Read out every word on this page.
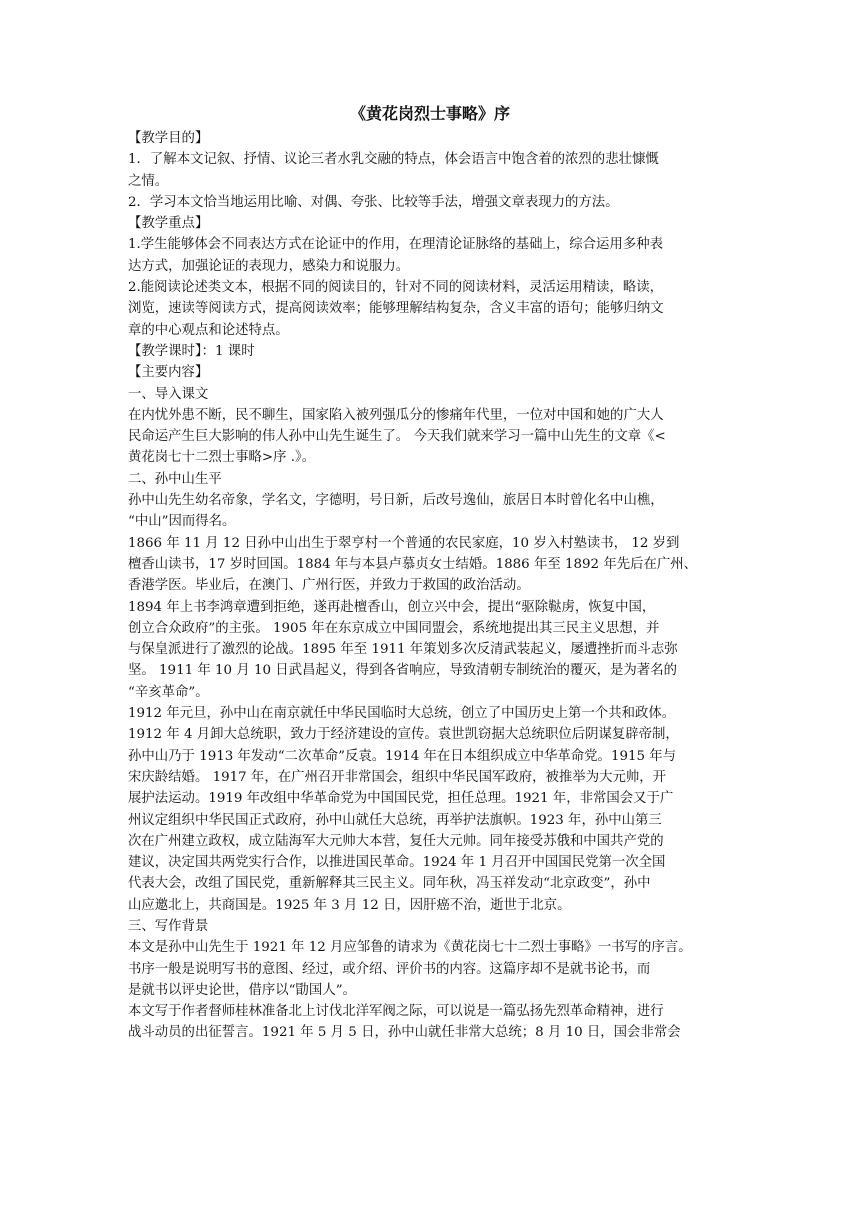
《黄花岗烈士事略》序

【教学目的】

1．了解本文记叙、抒情、议论三者水乳交融的特点，体会语言中饱含着的浓烈的悲壮慷慨

之情。

2．学习本文恰当地运用比喻、对偶、夸张、比较等手法，增强文章表现力的方法。

【教学重点】

1.学生能够体会不同表达方式在论证中的作用，在理清论证脉络的基础上，综合运用多种表

达方式，加强论证的表现力，感染力和说服力。

2.能阅读论述类文本，根据不同的阅读目的，针对不同的阅读材料，灵活运用精读，略读，

浏览，速读等阅读方式，提高阅读效率；能够理解结构复杂，含义丰富的语句；能够归纳文

章的中心观点和论述特点。

【教学课时】：1 课时

【主要内容】

一、导入课文

在内忧外患不断，民不聊生，国家陷入被列强瓜分的惨痛年代里，一位对中国和她的广大人

民命运产生巨大影响的伟人孙中山先生诞生了。 今天我们就来学习一篇中山先生的文章《<

黄花岗七十二烈士事略>序 .》。

二、孙中山生平

孙中山先生幼名帝象，学名文，字德明，号日新，后改号逸仙，旅居日本时曾化名中山樵，

“中山”因而得名。

1866 年 11 月 12 日孙中山出生于翠亨村一个普通的农民家庭，10 岁入村塾读书， 12 岁到

檀香山读书，17 岁时回国。1884 年与本县卢慕贞女士结婚。1886 年至 1892 年先后在广州、

香港学医。毕业后，在澳门、广州行医，并致力于救国的政治活动。

1894 年上书李鸿章遭到拒绝，遂再赴檀香山，创立兴中会，提出“驱除鞑虏，恢复中国，

创立合众政府”的主张。 1905 年在东京成立中国同盟会，系统地提出其三民主义思想，并

与保皇派进行了激烈的论战。1895 年至 1911 年策划多次反清武装起义，屡遭挫折而斗志弥

坚。 1911 年 10 月 10 日武昌起义，得到各省响应，导致清朝专制统治的覆灭，是为著名的

“辛亥革命”。

1912 年元旦，孙中山在南京就任中华民国临时大总统，创立了中国历史上第一个共和政体。

1912 年 4 月卸大总统职，致力于经济建设的宣传。袁世凯窃据大总统职位后阴谋复辟帝制，

孙中山乃于 1913 年发动“二次革命”反袁。1914 年在日本组织成立中华革命党。1915 年与

宋庆龄结婚。 1917 年，在广州召开非常国会，组织中华民国军政府，被推举为大元帅，开

展护法运动。1919 年改组中华革命党为中国国民党，担任总理。1921 年，非常国会又于广

州议定组织中华民国正式政府，孙中山就任大总统，再举护法旗帜。1923 年，孙中山第三

次在广州建立政权，成立陆海军大元帅大本营，复任大元帅。同年接受苏俄和中国共产党的

建议，决定国共两党实行合作，以推进国民革命。1924 年 1 月召开中国国民党第一次全国

代表大会，改组了国民党，重新解释其三民主义。同年秋，冯玉祥发动“北京政变”，孙中

山应邀北上，共商国是。1925 年 3 月 12 日，因肝癌不治，逝世于北京。

三、写作背景

本文是孙中山先生于 1921 年 12 月应邹鲁的请求为《黄花岗七十二烈士事略》一书写的序言。

书序一般是说明写书的意图、经过，或介绍、评价书的内容。这篇序却不是就书论书，而

是就书以评史论世，借序以“勖国人”。

本文写于作者督师桂林准备北上讨伐北洋军阀之际，可以说是一篇弘扬先烈革命精神，进行

战斗动员的出征誓言。1921 年 5 月 5 日，孙中山就任非常大总统；8 月 10 日，国会非常会
